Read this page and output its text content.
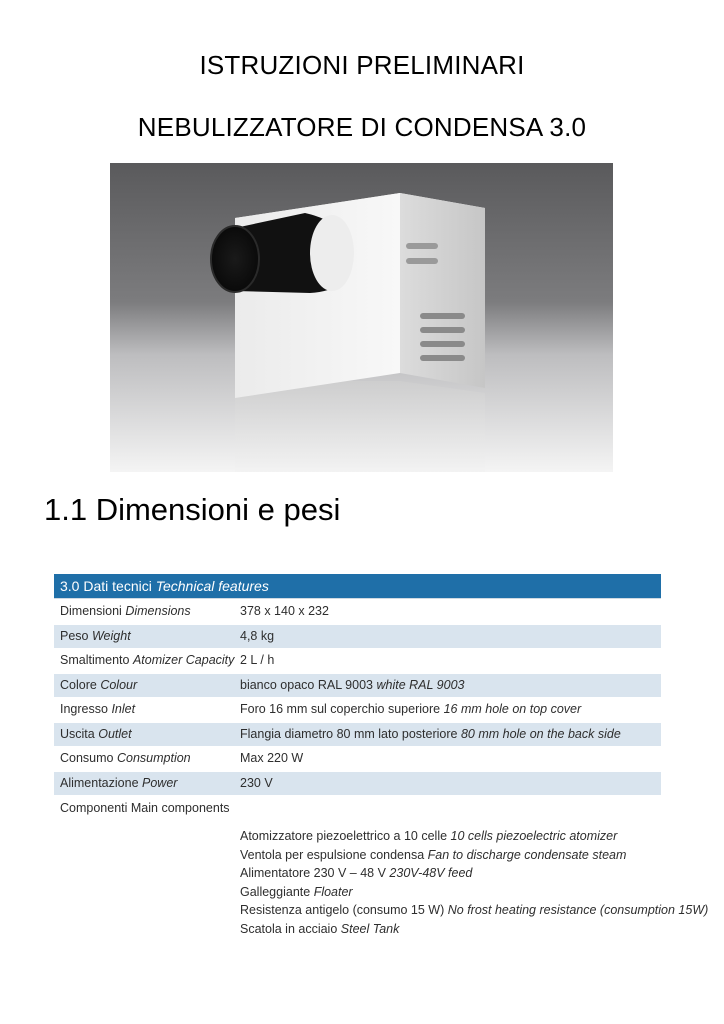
ISTRUZIONI PRELIMINARI
NEBULIZZATORE DI CONDENSA 3.0
1.1 Dimensioni e pesi
3.0 Dati tecnici Technical features
Dimensioni Dimensions	378 x 140 x 232
Peso Weight	4,8 kg
Smaltimento Atomizer Capacity 2 L / h
Colore Colour	bianco opaco RAL 9003 white RAL 9003
Ingresso Inlet	Foro 16 mm sul coperchio superiore 16 mm hole on top cover
Uscita Outlet	Flangia diametro 80 mm lato posteriore 80 mm hole on the back side
Consumo Consumption	Max 220 W
Alimentazione Power	230 V
Componenti Main components
Atomizzatore piezoelettrico a 10 celle 10 cells piezoelectric atomizer
Ventola per espulsione condensa Fan to discharge condensate steam
Alimentatore 230 V – 48 V 230V-48V feed
Galleggiante Floater
Resistenza antigelo (consumo 15 W) No frost heating resistance (consumption 15W)
Scatola in acciaio Steel Tank
